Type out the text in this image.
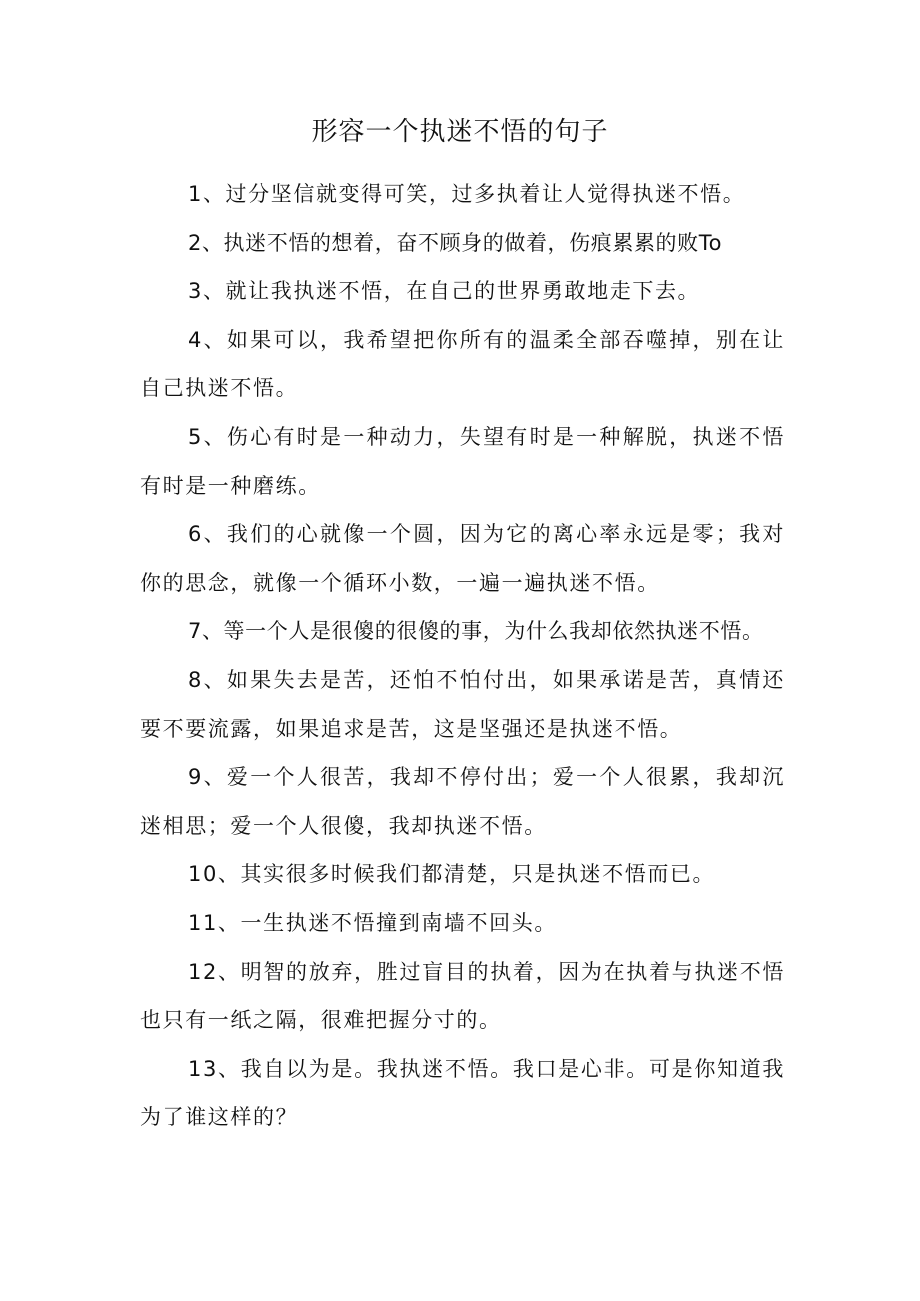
形容一个执迷不悟的句子

1、过分坚信就变得可笑，过多执着让人觉得执迷不悟。

2、执迷不悟的想着，奋不顾身的做着，伤痕累累的败To

3、就让我执迷不悟，在自己的世界勇敢地走下去。

4、如果可以，我希望把你所有的温柔全部吞噬掉，别在让自己执迷不悟。

5、伤心有时是一种动力，失望有时是一种解脱，执迷不悟有时是一种磨练。

6、我们的心就像一个圆，因为它的离心率永远是零；我对你的思念，就像一个循环小数，一遍一遍执迷不悟。

7、等一个人是很傻的很傻的事，为什么我却依然执迷不悟。

8、如果失去是苦，还怕不怕付出，如果承诺是苦，真情还要不要流露，如果追求是苦，这是坚强还是执迷不悟。

9、爱一个人很苦，我却不停付出；爱一个人很累，我却沉迷相思；爱一个人很傻，我却执迷不悟。

10、其实很多时候我们都清楚，只是执迷不悟而已。

11、一生执迷不悟撞到南墙不回头。

12、明智的放弃，胜过盲目的执着，因为在执着与执迷不悟也只有一纸之隔，很难把握分寸的。

13、我自以为是。我执迷不悟。我口是心非。可是你知道我为了谁这样的？
